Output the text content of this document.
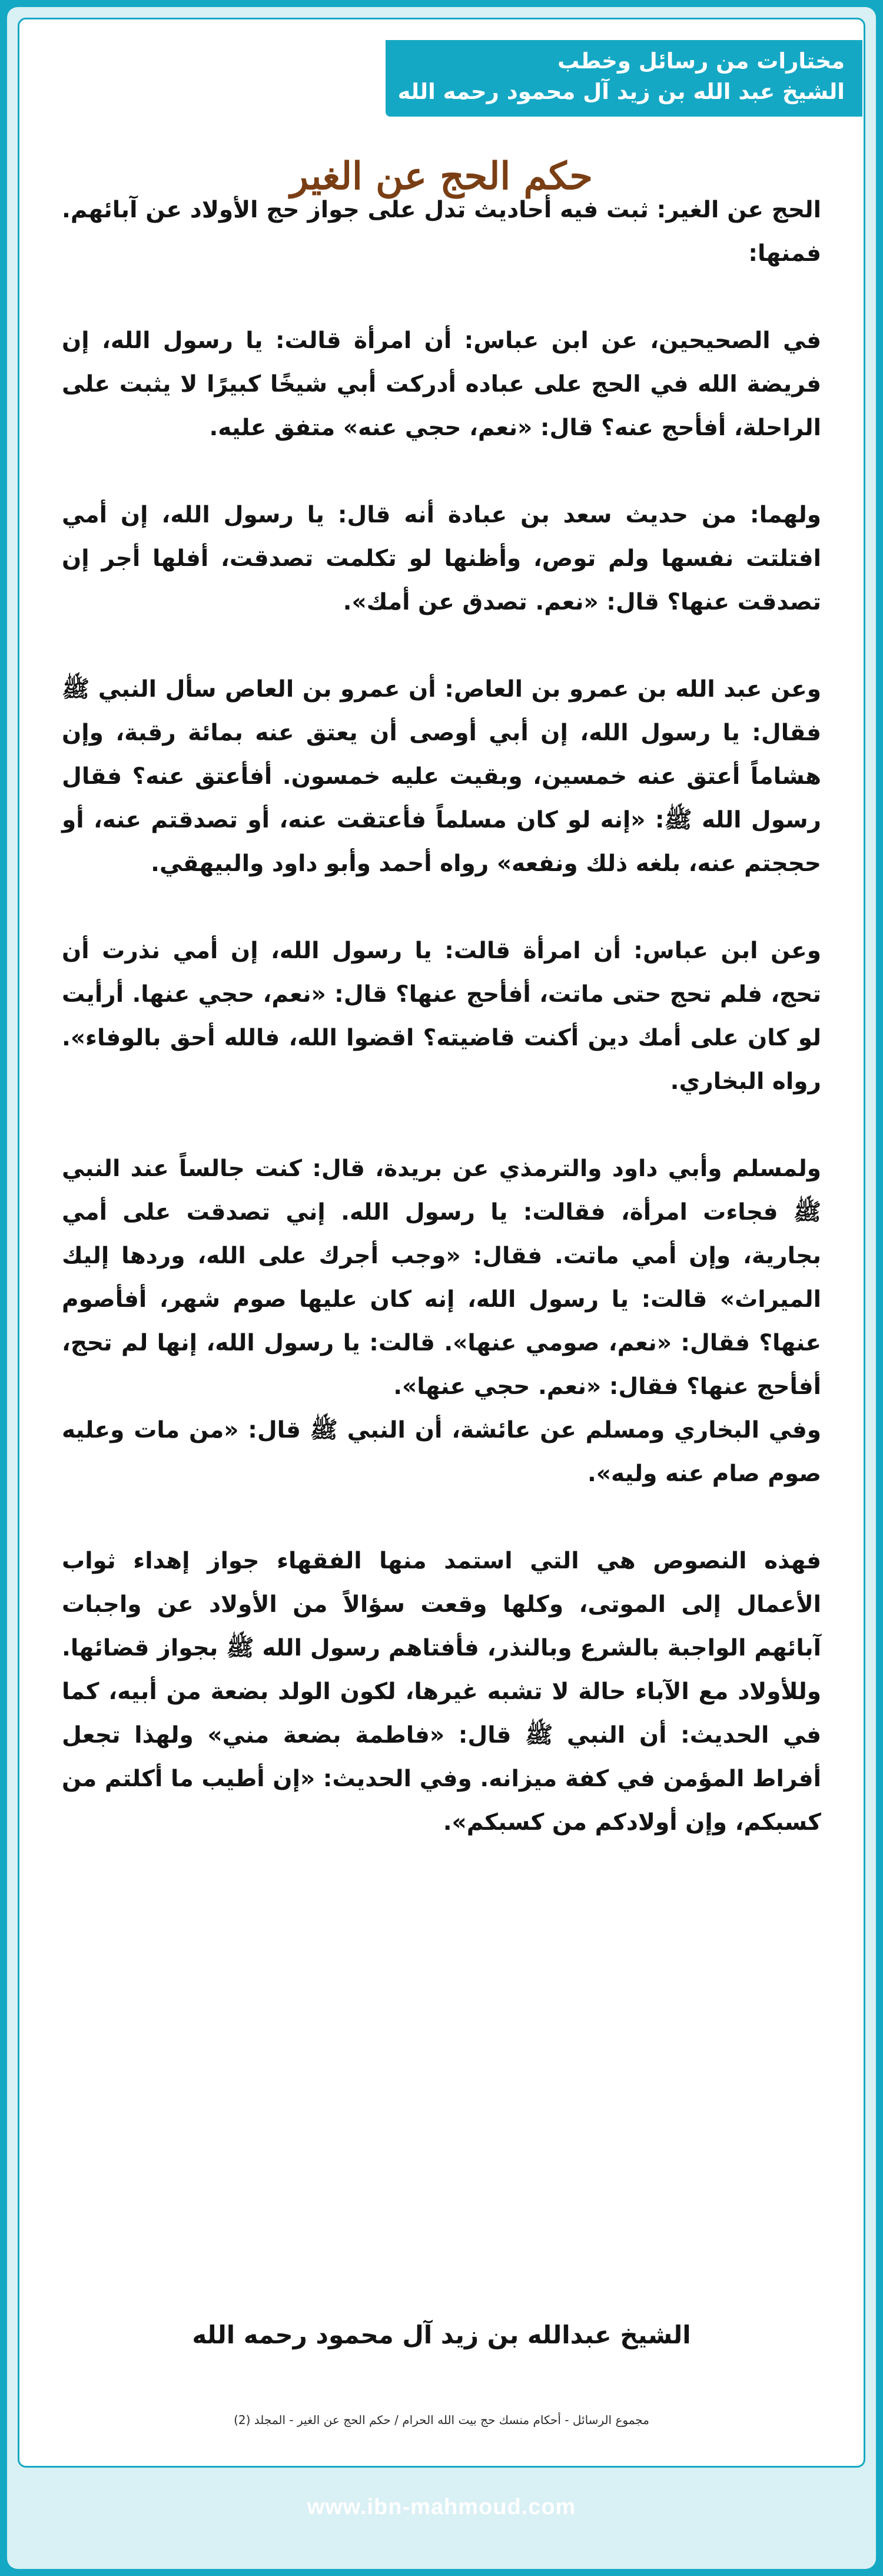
مختارات من رسائل وخطب
الشيخ عبد الله بن زيد آل محمود رحمه الله
حكم الحج عن الغير

الحج عن الغير: ثبت فيه أحاديث تدل على جواز حج الأولاد عن آبائهم. فمنها:

في الصحيحين، عن ابن عباس: أن امرأة قالت: يا رسول الله، إن فريضة الله في الحج على عباده أدركت أبي شيخًا كبيرًا لا يثبت على الراحلة، أفأحج عنه؟ قال: «نعم، حجي عنه» متفق عليه.

ولهما: من حديث سعد بن عبادة أنه قال: يا رسول الله، إن أمي افتلتت نفسها ولم توص، وأظنها لو تكلمت تصدقت، أفلها أجر إن تصدقت عنها؟ قال: «نعم. تصدق عن أمك».

وعن عبد الله بن عمرو بن العاص: أن عمرو بن العاص سأل النبي ﷺ فقال: يا رسول الله، إن أبي أوصى أن يعتق عنه بمائة رقبة، وإن هشاماً أعتق عنه خمسين، وبقيت عليه خمسون. أفأعتق عنه؟ فقال رسول الله ﷺ: «إنه لو كان مسلماً فأعتقت عنه، أو تصدقتم عنه، أو حججتم عنه، بلغه ذلك ونفعه» رواه أحمد وأبو داود والبيهقي.

وعن ابن عباس: أن امرأة قالت: يا رسول الله، إن أمي نذرت أن تحج، فلم تحج حتى ماتت، أفأحج عنها؟ قال: «نعم، حجي عنها. أرأيت لو كان على أمك دين أكنت قاضيته؟ اقضوا الله، فالله أحق بالوفاء». رواه البخاري.

ولمسلم وأبي داود والترمذي عن بريدة، قال: كنت جالساً عند النبي ﷺ فجاءت امرأة، فقالت: يا رسول الله. إني تصدقت على أمي بجارية، وإن أمي ماتت. فقال: «وجب أجرك على الله، وردها إليك الميراث» قالت: يا رسول الله، إنه كان عليها صوم شهر، أفأصوم عنها؟ فقال: «نعم، صومي عنها». قالت: يا رسول الله، إنها لم تحج، أفأحج عنها؟ فقال: «نعم. حجي عنها».

وفي البخاري ومسلم عن عائشة، أن النبي ﷺ قال: «من مات وعليه صوم صام عنه وليه».

فهذه النصوص هي التي استمد منها الفقهاء جواز إهداء ثواب الأعمال إلى الموتى، وكلها وقعت سؤالاً من الأولاد عن واجبات آبائهم الواجبة بالشرع وبالنذر، فأفتاهم رسول الله ﷺ بجواز قضائها. وللأولاد مع الآباء حالة لا تشبه غيرها، لكون الولد بضعة من أبيه، كما في الحديث: أن النبي ﷺ قال: «فاطمة بضعة مني» ولهذا تجعل أفراط المؤمن في كفة ميزانه. وفي الحديث: «إن أطيب ما أكلتم من كسبكم، وإن أولادكم من كسبكم».

الشيخ عبدالله بن زيد آل محمود رحمه الله
مجموع الرسائل - أحكام منسك حج بيت الله الحرام / حكم الحج عن الغير - المجلد (2)
www.ibn-mahmoud.com
